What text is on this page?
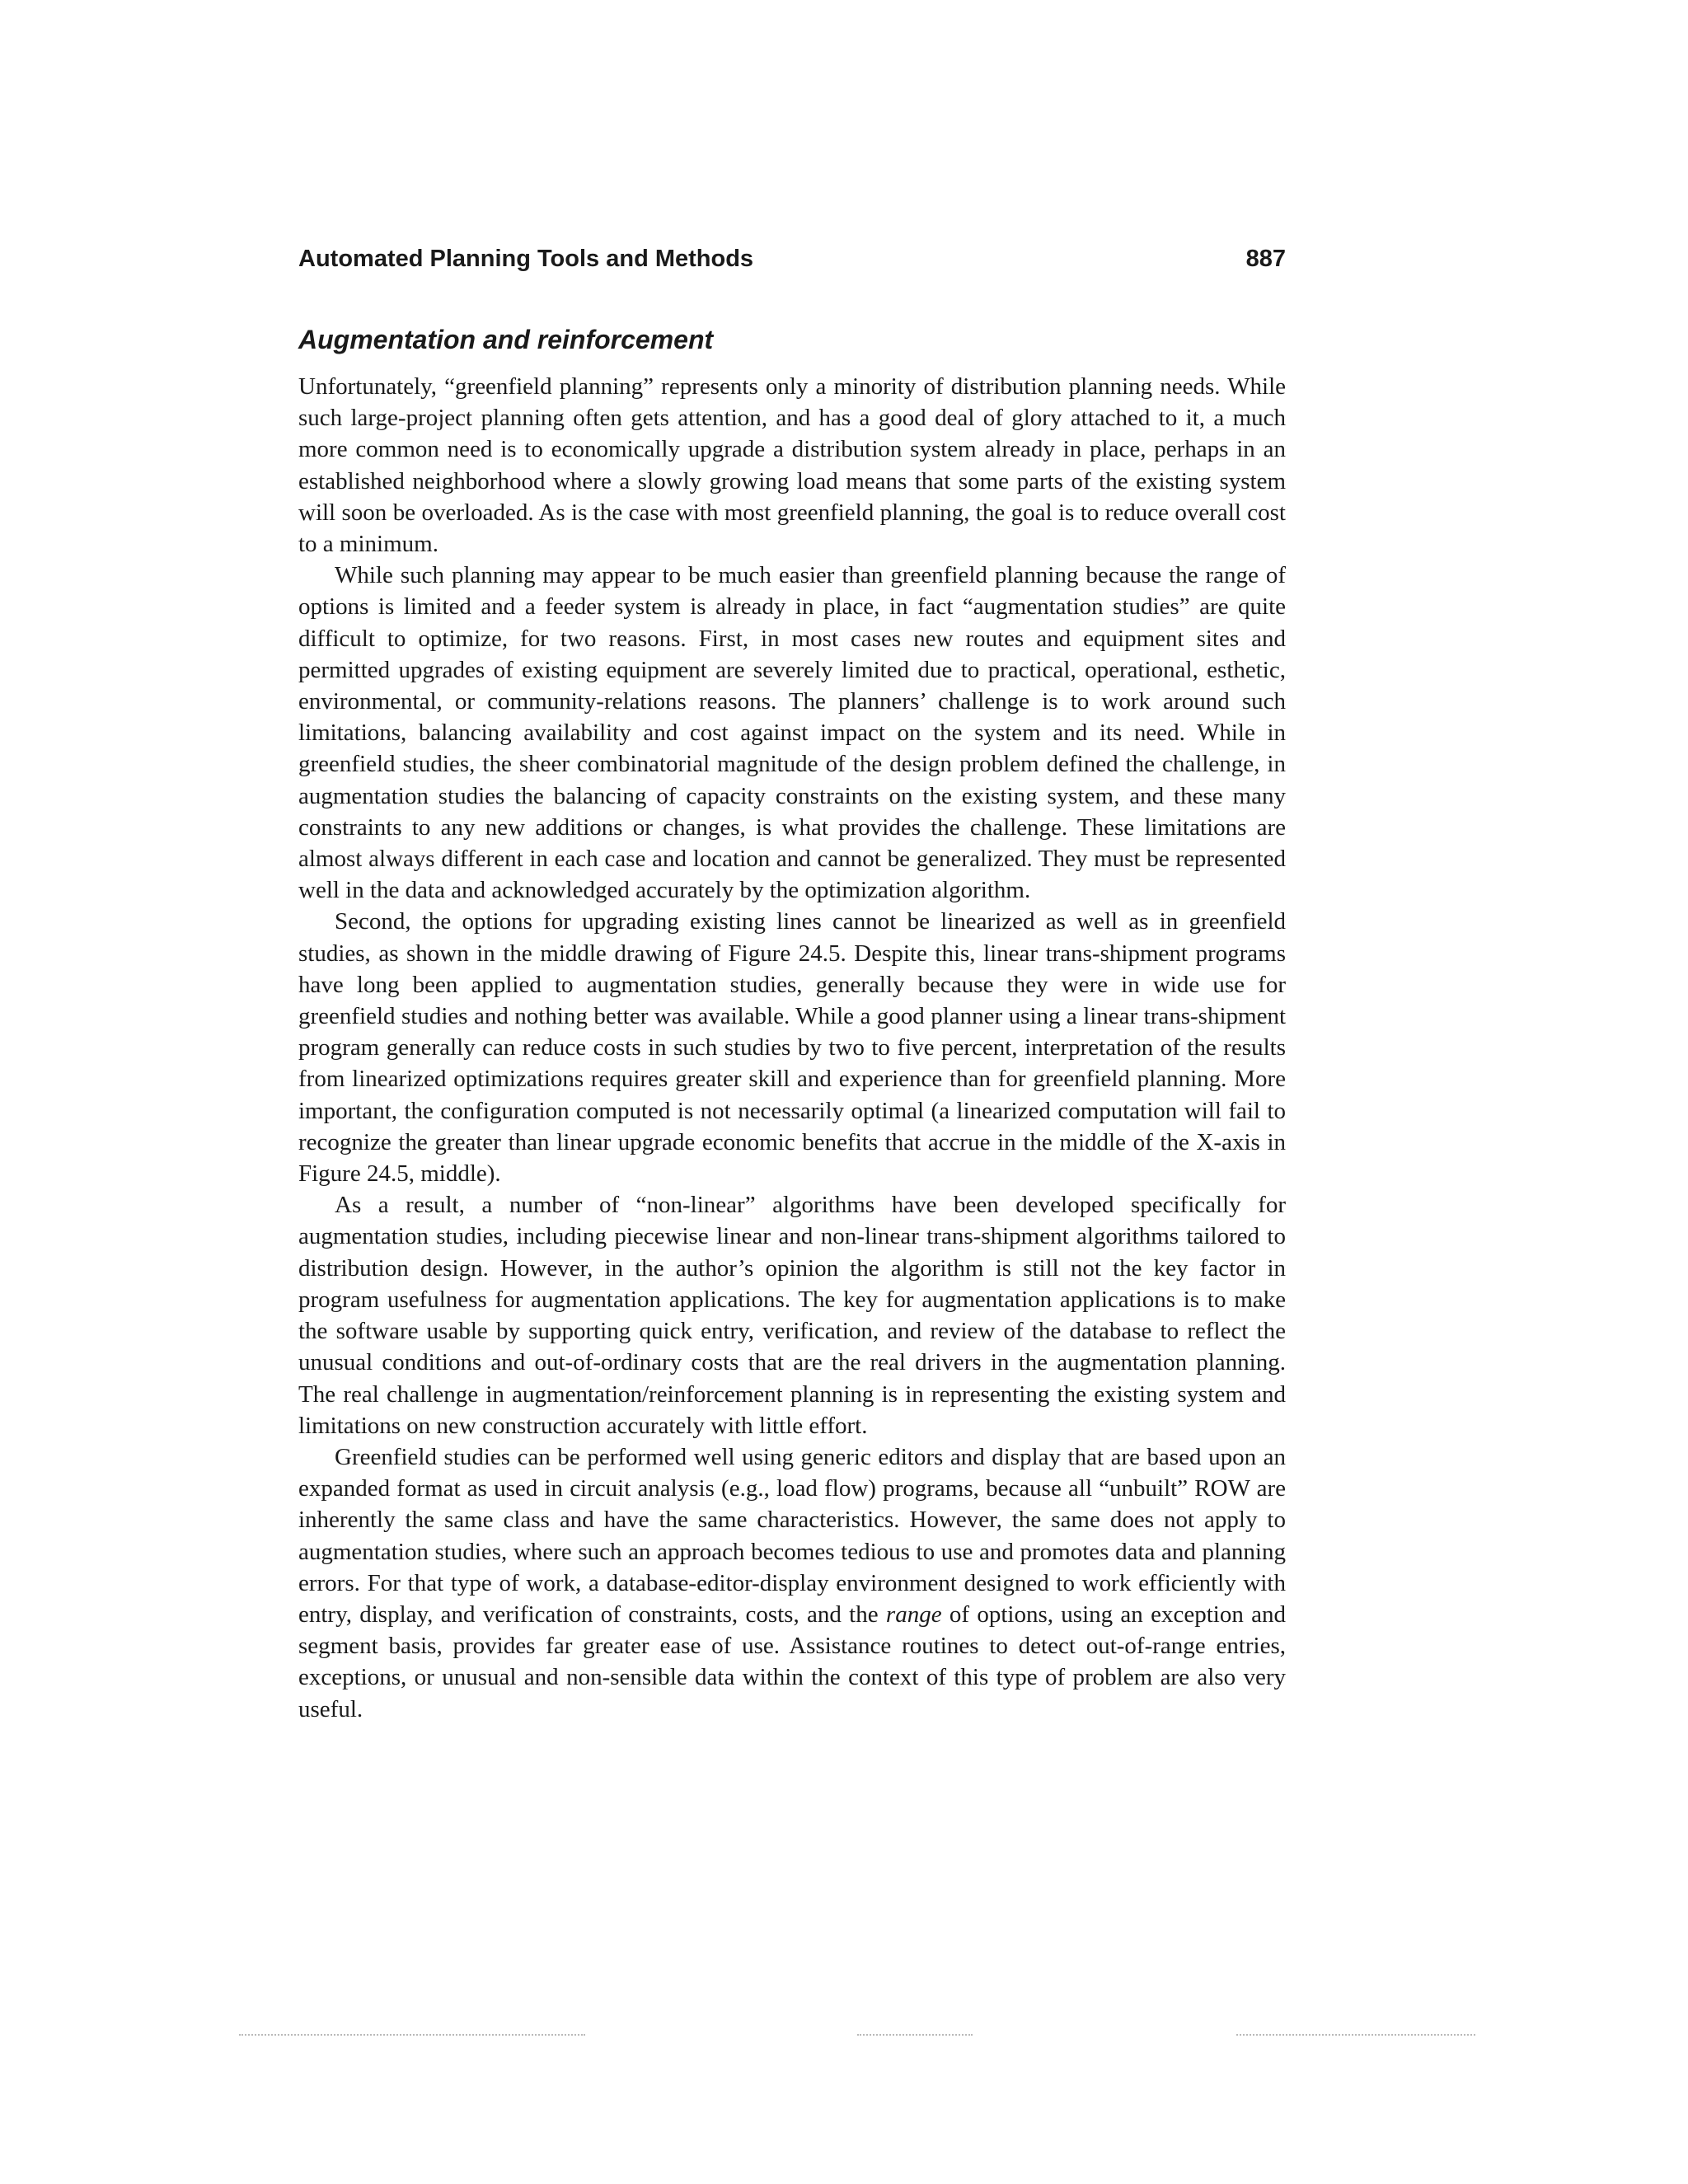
Automated Planning Tools and Methods	887
Augmentation and reinforcement

Unfortunately, “greenfield planning” represents only a minority of distribution planning needs. While such large-project planning often gets attention, and has a good deal of glory attached to it, a much more common need is to economically upgrade a distribution system already in place, perhaps in an established neighborhood where a slowly growing load means that some parts of the existing system will soon be overloaded. As is the case with most greenfield planning, the goal is to reduce overall cost to a minimum.

While such planning may appear to be much easier than greenfield planning because the range of options is limited and a feeder system is already in place, in fact “augmentation studies” are quite difficult to optimize, for two reasons. First, in most cases new routes and equipment sites and permitted upgrades of existing equipment are severely limited due to practical, operational, esthetic, environmental, or community-relations reasons. The planners’ challenge is to work around such limitations, balancing availability and cost against impact on the system and its need. While in greenfield studies, the sheer combinatorial magnitude of the design problem defined the challenge, in augmentation studies the balancing of capacity constraints on the existing system, and these many constraints to any new additions or changes, is what provides the challenge. These limitations are almost always different in each case and location and cannot be generalized. They must be represented well in the data and acknowledged accurately by the optimization algorithm.

Second, the options for upgrading existing lines cannot be linearized as well as in greenfield studies, as shown in the middle drawing of Figure 24.5. Despite this, linear trans-shipment programs have long been applied to augmentation studies, generally because they were in wide use for greenfield studies and nothing better was available. While a good planner using a linear trans-shipment program generally can reduce costs in such studies by two to five percent, interpretation of the results from linearized optimizations requires greater skill and experience than for greenfield planning. More important, the configuration computed is not necessarily optimal (a linearized computation will fail to recognize the greater than linear upgrade economic benefits that accrue in the middle of the X-axis in Figure 24.5, middle).

As a result, a number of “non-linear” algorithms have been developed specifically for augmentation studies, including piecewise linear and non-linear trans-shipment algorithms tailored to distribution design. However, in the author’s opinion the algorithm is still not the key factor in program usefulness for augmentation applications. The key for augmentation applications is to make the software usable by supporting quick entry, verification, and review of the database to reflect the unusual conditions and out-of-ordinary costs that are the real drivers in the augmentation planning. The real challenge in augmentation/reinforcement planning is in representing the existing system and limitations on new construction accurately with little effort.

Greenfield studies can be performed well using generic editors and display that are based upon an expanded format as used in circuit analysis (e.g., load flow) programs, because all “unbuilt” ROW are inherently the same class and have the same characteristics. However, the same does not apply to augmentation studies, where such an approach becomes tedious to use and promotes data and planning errors. For that type of work, a database-editor-display environment designed to work efficiently with entry, display, and verification of constraints, costs, and the range of options, using an exception and segment basis, provides far greater ease of use. Assistance routines to detect out-of-range entries, exceptions, or unusual and non-sensible data within the context of this type of problem are also very useful.
